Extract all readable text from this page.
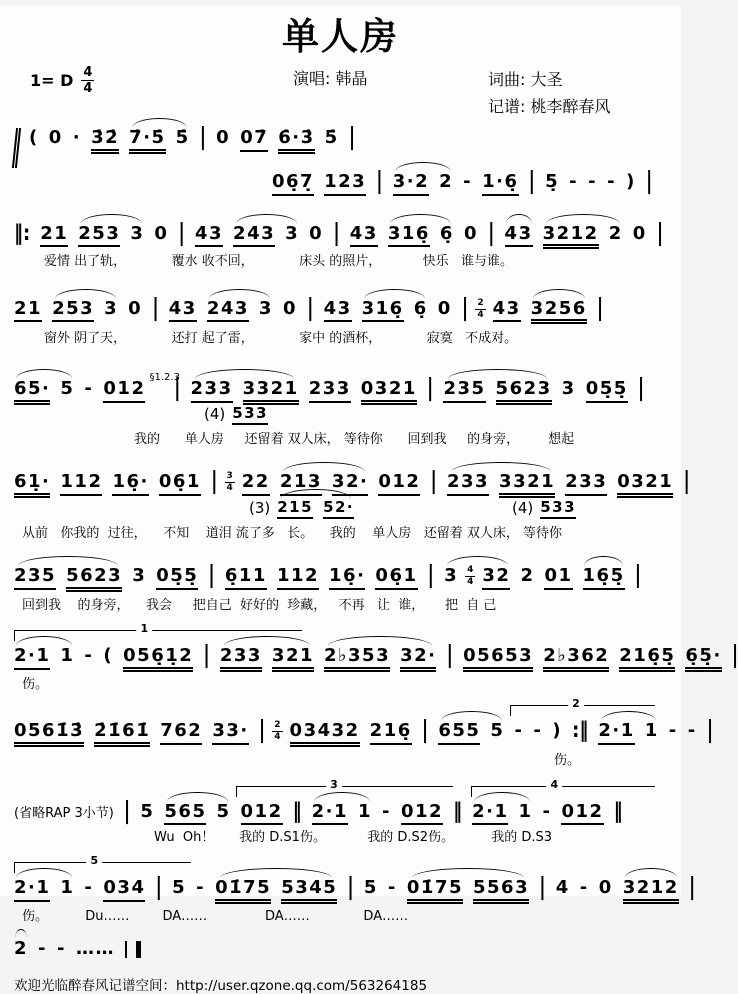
单人房
1= D $\frac{4}{4}$	演唱: 韩晶	词曲: 大圣
记谱: 桃李醉春风
( 0 · 3̇2̇ 7̇·5̇ 5̇ | 0 07̇ 6̇·3̇ 5̇ |
06̣7̣ 123 | 3·2 2 - 1·6̣ | 5̣ - - - ) |
‖: 21 253 3 0 | 43 243 3 0 | 43 316̣ 6̣ 0 | 43 3212 2 0 |
爱情 出了轨，           覆水 收不回，           床头 的照片，          快乐   谁与谁。
21 253 3 0 | 43 243 3 0 | 43 316̣ 6̣ 0 | $\frac{2}{4} 43$ 3256 |
窗外 阴了天，           还打 起了雷，           家中 的酒杯，           寂寞   不成对。
65· 5 - 012
§1.2.3
| 233 3321 233 0321 | 235 5623 3 05̣5̣ |
(4) 533
我的      单人房     还留着 双人床， 等待你      回到我     的身旁，       想起
61̣· 112 16̣· 06̣1 | $\frac{3}{4} 22$ 213 32· 012 | 233 3321 233 0321 |
(3) 215 52·	(4) 533
从前   你我的  过往，    不知    道泪 流了多   长。    我的    单人房   还留着 双人床， 等待你
235 5623 3 05̣5̣ | 6̣11 112 16̣· 06̣1 | $3 \frac{4}{4} 32$ 2 01 16̣5̣ |
回到我    的身旁，    我会     把自己  好好的  珍藏，   不再   让  谁，     把  自 己
1
2·1 1 - ( 056̣1̣2 | 233 321 2♭353 32· | 05653 2♭362 216̣5̣ 6̣5̣· |
伤。
2
0561̇3̇ 2̇1̇61̇ 762 33· | $\frac{2}{4} 03432$ 216̣ | 655 5 - - ) :‖ 2·1 1 - - |
伤。
3	4
(省略RAP 3小节) | 5 565 5 012 ‖ 2·1 1 - 012 ‖ 2·1 1 - 012 ‖
Wu  Oh！      我的 D.S1伤。          我的 D.S2伤。         我的 D.S3
5
2·1 1 - 034 | 5 - 01̇75 5345 | 5 - 01̇75 5563 | 4 - 0 3212 |
伤。         Du……        DA……              DA……             DA……
2 - - ……
欢迎光临醉春风记谱空间：http://user.qzone.qq.com/563264185
